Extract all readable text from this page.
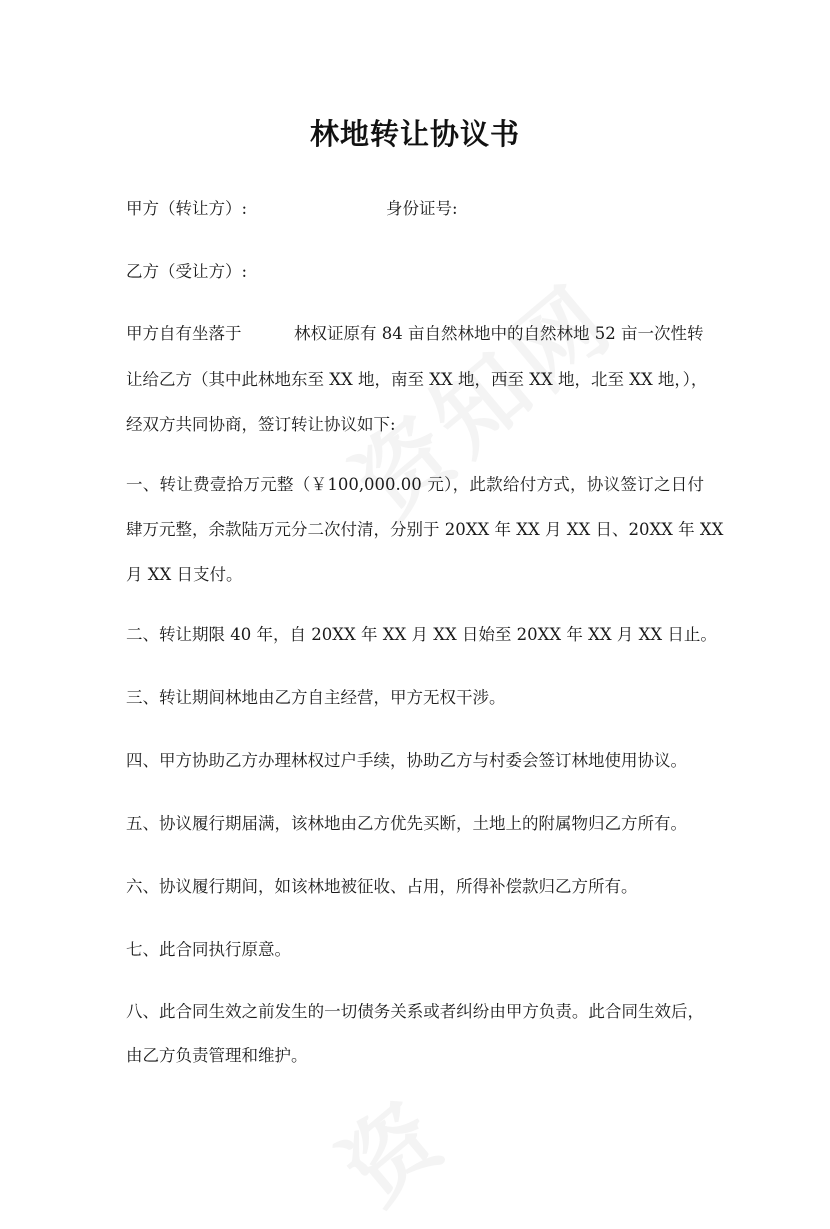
林地转让协议书
甲方（转让方）:	身份证号:
乙方（受让方）:
甲方自有坐落于	林权证原有 84 亩自然林地中的自然林地 52 亩一次性转
让给乙方（其中此林地东至 XX 地，南至 XX 地，西至 XX 地，北至 XX 地，），
经双方共同协商，签订转让协议如下:
一、转让费壹拾万元整（￥100,000.00 元），此款给付方式，协议签订之日付
肆万元整，余款陆万元分二次付清，分别于 20XX 年 XX 月 XX 日、20XX 年 XX
月 XX 日支付。
二、转让期限 40 年，自 20XX 年 XX 月 XX 日始至 20XX 年 XX 月 XX 日止。
三、转让期间林地由乙方自主经营，甲方无权干涉。
四、甲方协助乙方办理林权过户手续，协助乙方与村委会签订林地使用协议。
五、协议履行期届满，该林地由乙方优先买断，土地上的附属物归乙方所有。
六、协议履行期间，如该林地被征收、占用，所得补偿款归乙方所有。
七、此合同执行原意。
八、此合同生效之前发生的一切债务关系或者纠纷由甲方负责。此合同生效后，
由乙方负责管理和维护。
